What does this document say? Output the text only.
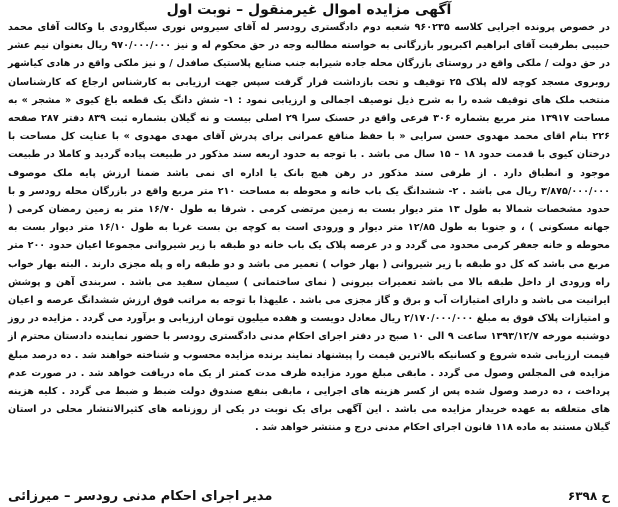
آگهی مزایده اموال غیرمنقول – نوبت اول
در خصوص پرونده اجرایی کلاسه ۹۶۰۲۳۵ شعبه دوم دادگستری رودسر له آقای سیروس نوری سیگارودی با وکالت آقای محمد حبیبی بطرفیت آقای ابراهیم اکبرپور بازرگانی به خواسته مطالبه وجه در حق محکوم له و نیز ۹۷۰/۰۰۰/۰۰۰ ریال بعنوان نیم عشر در حق دولت / ملکی واقع در روستای بازرگان محله جاده شیرابه جنب صنایع پلاستیک صافدل / و نیز ملکی واقع در هادی کیاشهر روبروی مسجد کوچه لاله پلاک ۲۵ توقیف و تحت بازداشت قرار گرفت سپس جهت ارزیابی به کارشناس ارجاع که کارشناسان منتخب ملک های توقیف شده را به شرح ذیل توصیف اجمالی و ارزیابی نمود : ۱- شش دانگ یک قطعه باغ کیوی « مشجر » به مساحت ۱۳۹۱۷ متر مربع بشماره ۳۰۶ فرعی واقع در حسنک سرا ۲۹ اصلی بیست و نه گیلان بشماره ثبت ۸۳۹ دفتر ۲۸۷ صفحه ۲۲۶ بنام اقای محمد مهدوی حسن سرایی « با حفظ منافع عمرانی برای پدرش آقای مهدی مهدوی » با عنایت کل مساحت با درختان کیوی با قدمت حدود ۱۸ – ۱۵ سال می باشد . با توجه به حدود اربعه سند مذکور در طبیعت پیاده گردید و کاملا در طبیعت موجود و انطباق دارد . از طرفی سند مذکور در رهن هیچ بانک یا اداره ای نمی باشد ضمنا ارزش پایه ملک موصوف ۳/۸۷۵/۰۰۰/۰۰۰ ریال می باشد . ۲- ششدانگ یک باب خانه و محوطه به مساحت ۲۱۰ متر مربع واقع در بازرگان محله رودسر و با حدود مشخصات شمالا به طول ۱۳ متر دیوار بست به زمین مرتضی کرمی . شرقا به طول ۱۶/۷۰ متر به زمین رمضان کرمی ( جهانه مسکونی ) ، و جنوبا به طول ۱۲/۸۵ متر دیوار و ورودی است به کوچه بن بست غربا به طول ۱۶/۱۰ متر دیوار بست به محوطه و خانه جعفر کرمی محدود می گردد و در عرصه پلاک یک باب خانه دو طبقه با زیر شیروانی مجموعا اعیان حدود ۲۰۰ متر مربع می باشد که کل دو طبقه با زیر شیروانی ( بهار خواب ) تعمیر می باشد و دو طبقه راه و پله مجزی دارند . البته بهار خواب راه ورودی از داخل طبقه بالا می باشد تعمیرات بیرونی ( نمای ساختمانی ) سیمان سفید می باشد . سربندی آهن و پوشش ایرانیت می باشد و دارای امتیازات آب و برق و گاز مجزی می باشد . علیهذا با توجه به مراتب فوق ارزش ششدانگ عرصه و اعیان و امتیازات پلاک فوق به مبلغ ۲/۱۷۰/۰۰۰/۰۰۰ ریال معادل دویست و هفده میلیون تومان ارزیابی و برآورد می گردد . مزایده در روز دوشنبه مورخه ۱۳۹۳/۱۲/۷ ساعت ۹ الی ۱۰ صبح در دفتر اجرای احکام مدنی دادگستری رودسر با حضور نماینده دادستان محترم از قیمت ارزیابی شده شروع و کسانیکه بالاترین قیمت را پیشنهاد نمایند برنده مزایده محسوب و شناخته خواهند شد . ده درصد مبلغ مزایده فی المجلس وصول می گردد . مابقی مبلغ مورد مزایده ظرف مدت کمتر از یک ماه دریافت خواهد شد . در صورت عدم پرداخت ، ده درصد وصول شده پس از کسر هزینه های اجرایی ، مابقی بنفع صندوق دولت ضبط و ضبط می گردد . کلیه هزینه های متعلقه به عهده خریدار مزایده می باشد . این آگهی برای یک نوبت در یکی از روزنامه های کثیرالانتشار محلی در استان گیلان مستند به ماده ۱۱۸ قانون اجرای احکام مدنی درج و منتشر خواهد شد .
ح ۶۳۹۸
مدیر اجرای احکام مدنی رودسر – میرزائی
